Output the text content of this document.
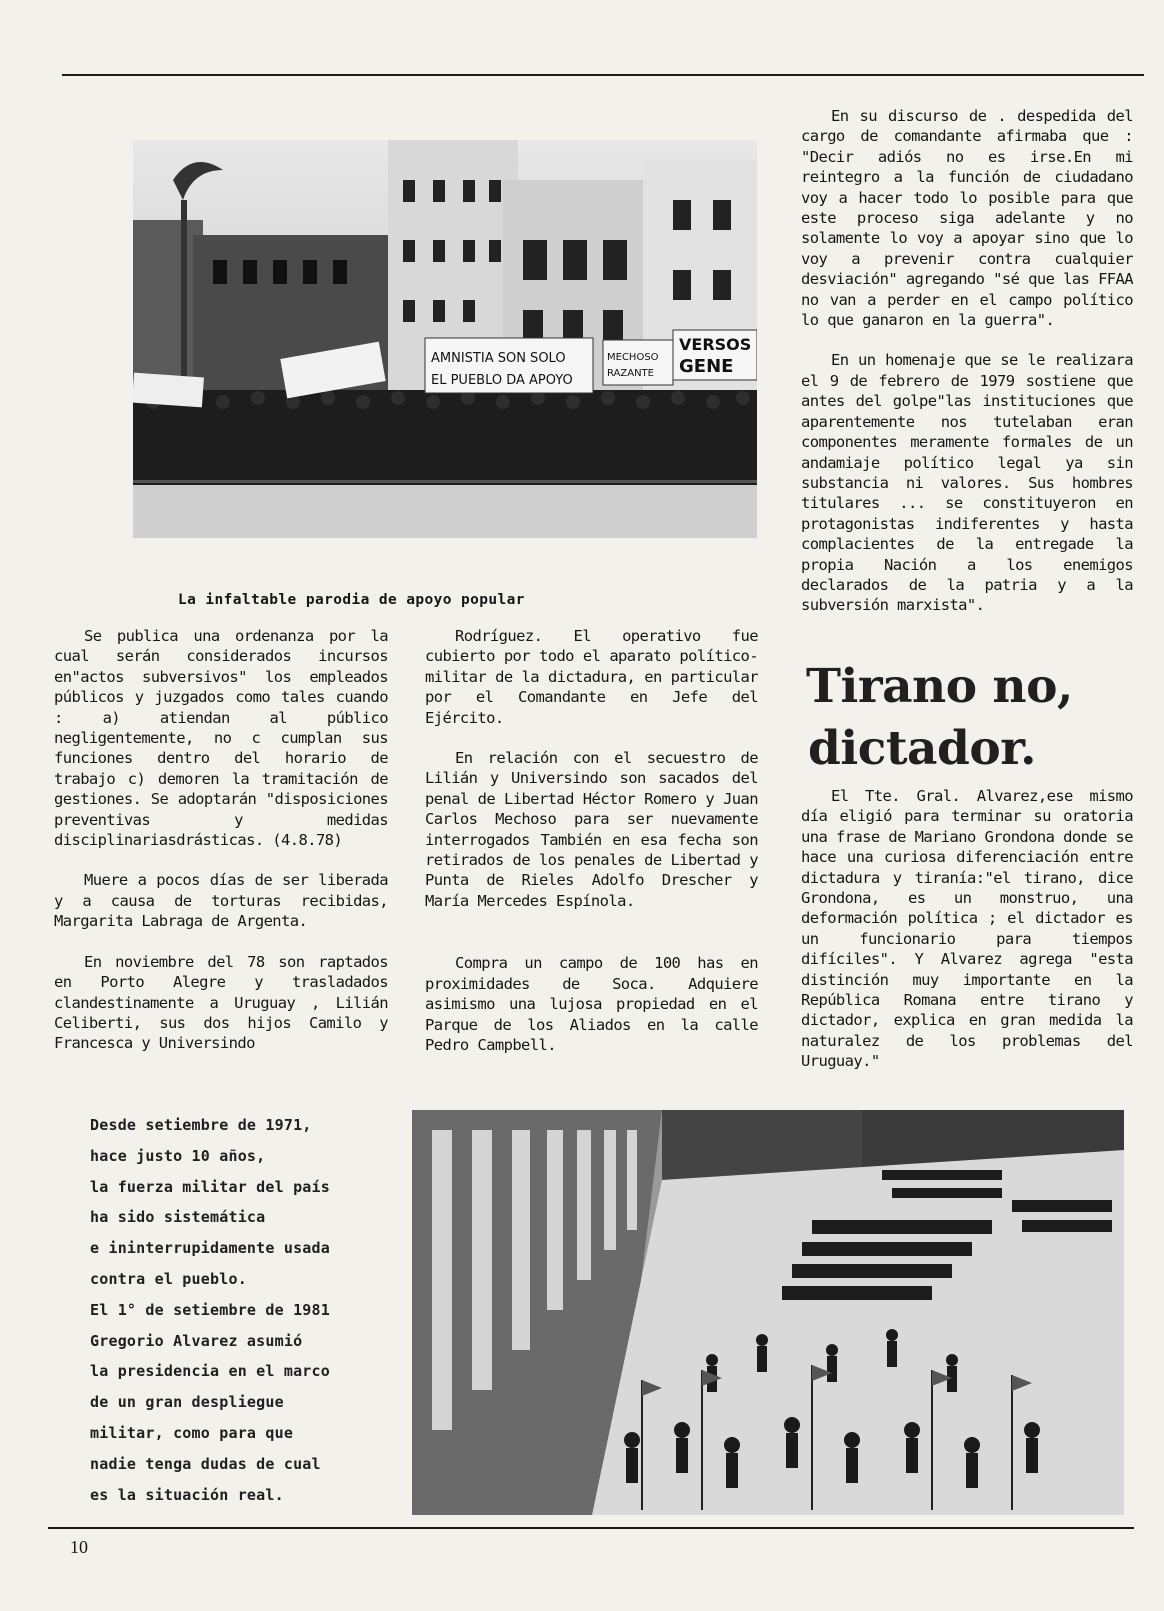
AMNISTIA SON SOLO
EL PUEBLO DA APOYO
MECHOSO
RAZANTE
VERSOS
GENE
La infaltable parodia de apoyo popular

Se publica una ordenanza por la cual serán considerados incursos en"actos subversivos" los empleados públicos y juzgados como tales cuando : a) atiendan al público negligentemente, no c cumplan sus funciones dentro del horario de trabajo c) demoren la tramitación de gestiones. Se adoptarán "disposiciones preventivas y medidas disciplinariasdrásticas. (4.8.78)

Muere a pocos días de ser liberada y a causa de torturas recibidas, Margarita Labraga de Argenta.

En noviembre del 78 son raptados en Porto Alegre y trasladados clandestinamente a Uruguay , Lilián Celiberti, sus dos hijos Camilo y Francesca y Universindo

Rodríguez. El operativo fue cubierto por todo el aparato político-militar de la dictadura, en particular por el Comandante en Jefe del Ejército.

En relación con el secuestro de Lilián y Universindo son sacados del penal de Libertad Héctor Romero y Juan Carlos Mechoso para ser nuevamente interrogados También en esa fecha son retirados de los penales de Libertad y Punta de Rieles Adolfo Drescher y María Mercedes Espínola.

Compra un campo de 100 has en proximidades de Soca. Adquiere asimismo una lujosa propiedad en el Parque de los Aliados en la calle Pedro Campbell.

En su discurso de . despedida del cargo de comandante afirmaba que : "Decir adiós no es irse.En mi reintegro a la función de ciudadano voy a hacer todo lo posible para que este proceso siga adelante y no solamente lo voy a apoyar sino que lo voy a prevenir contra cualquier desviación" agregando "sé que las FFAA no van a perder en el campo político lo que ganaron en la guerra".

En un homenaje que se le realizara el 9 de febrero de 1979 sostiene que antes del golpe"las instituciones que aparentemente nos tutelaban eran componentes meramente formales de un andamiaje político legal ya sin substancia ni valores. Sus hombres titulares ... se constituyeron en protagonistas indiferentes y hasta complacientes de la entregade la propia Nación a los enemigos declarados de la patria y a la subversión marxista".

Tirano no,
dictador.

El Tte. Gral. Alvarez,ese mismo día eligió para terminar su oratoria una frase de Mariano Grondona donde se hace una curiosa diferenciación entre dictadura y tiranía:"el tirano, dice Grondona, es un monstruo, una deformación política ; el dictador es un funcionario para tiempos difíciles". Y Alvarez agrega "esta distinción muy importante en la República Romana entre tirano y dictador, explica en gran medida la naturalez de los problemas del Uruguay."

Desde setiembre de 1971,
hace justo 10 años,
la fuerza militar del país
ha sido sistemática
e ininterrupidamente usada
contra el pueblo.
El 1° de setiembre de 1981
Gregorio Alvarez asumió
la presidencia en el marco
de un gran despliegue
militar, como para que
nadie tenga dudas de cual
es la situación real.
10
